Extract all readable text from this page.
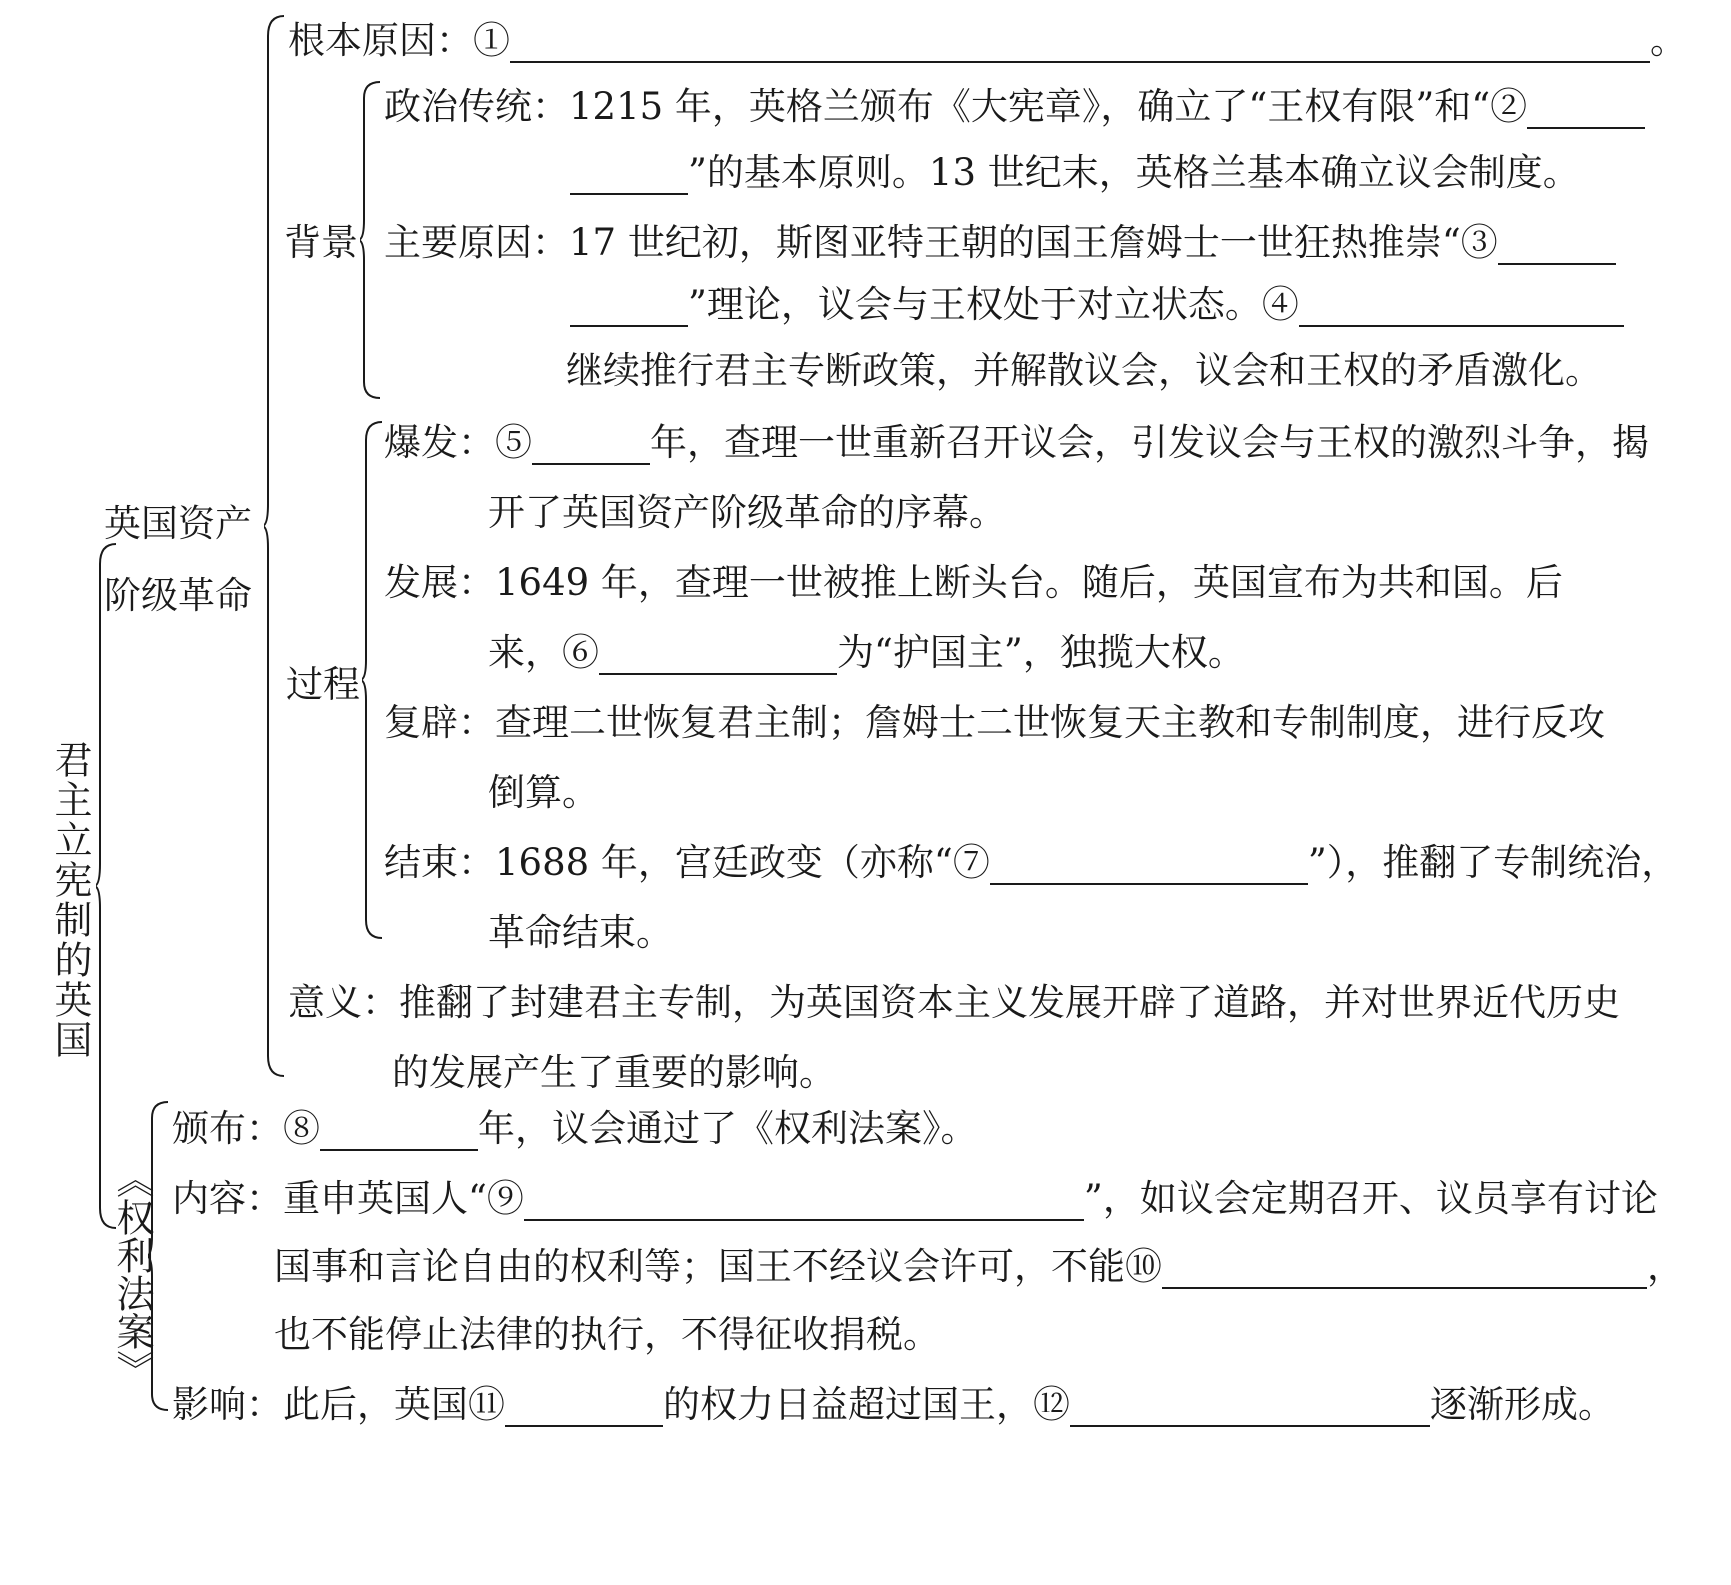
君主立宪制的英国
英国资产
阶级革命
根本原因：①	。
背景
政治传统：1215 年，英格兰颁布《大宪章》，确立了“王权有限”和“②
”的基本原则。13 世纪末，英格兰基本确立议会制度。
主要原因：17 世纪初，斯图亚特王朝的国王詹姆士一世狂热推崇“③
”理论，议会与王权处于对立状态。④
继续推行君主专断政策，并解散议会，议会和王权的矛盾激化。
过程
爆发：⑤	年，查理一世重新召开议会，引发议会与王权的激烈斗争，揭
开了英国资产阶级革命的序幕。
发展：1649 年，查理一世被推上断头台。随后，英国宣布为共和国。后
来，⑥	为“护国主”，独揽大权。
复辟：查理二世恢复君主制；詹姆士二世恢复天主教和专制制度，进行反攻
倒算。
结束：1688 年，宫廷政变（亦称“⑦	”），推翻了专制统治，
革命结束。
意义：推翻了封建君主专制，为英国资本主义发展开辟了道路，并对世界近代历史
的发展产生了重要的影响。
《权利法案》
颁布：⑧	年，议会通过了《权利法案》。
内容：重申英国人“⑨	”，如议会定期召开、议员享有讨论
国事和言论自由的权利等；国王不经议会许可，不能⑩	，
也不能停止法律的执行，不得征收捐税。
影响：此后，英国⑪	的权力日益超过国王，⑫	逐渐形成。
